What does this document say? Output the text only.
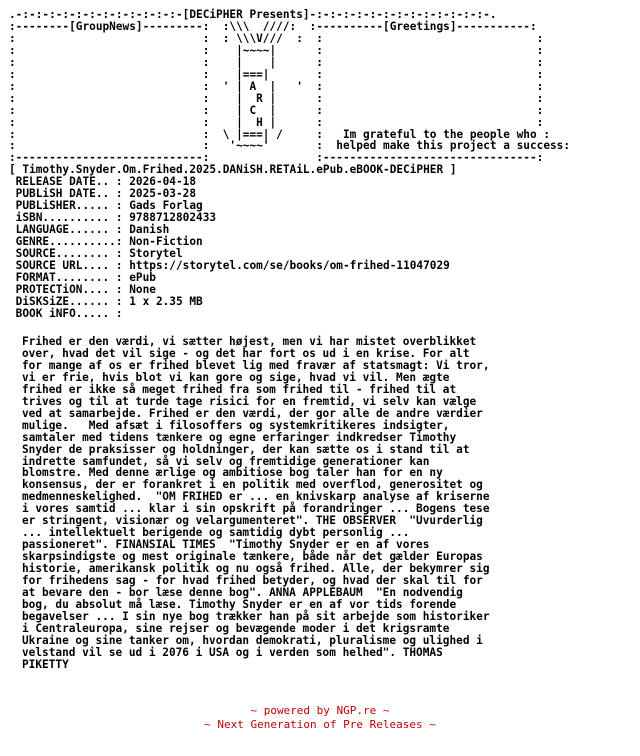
.-:-:-:-:-:-:-:-:-:-:-:-:-[DECiPHER Presents]-:-:-:-:-:-:-:-:-:-:-:-:-:-.
:--------[GroupNews]---------:  :\\\  ////:  :----------[Greetings]-----------:
:                            :  : \\\V///  :  :                                :
:                            :    |~~~~|      :                                :
:                            :    |    |      :                                :
:                            :    |===|       :                                :
:                            :  ' | A  |   '  :                                :
:                            :    |  R |      :                                :
:                            :    | C  |      :                                :
:                            :    |  H |      :                                :
:                            :  \ |===| /     :   Im grateful to the people who :
:                            :   '~~~~'       :  helped make this project a success:
:----------------------------:                :--------------------------------:
[ Timothy.Snyder.Om.Frihed.2025.DANiSH.RETAiL.ePub.eBOOK-DECiPHER ]
RELEASE DATE.. : 2026-04-18
PUBLiSH DATE.. : 2025-03-28
PUBLiSHER..... : Gads Forlag
iSBN.......... : 9788712802433
LANGUAGE...... : Danish
GENRE..........: Non-Fiction
SOURCE........ : Storytel
SOURCE URL.... : https://storytel.com/se/books/om-frihed-11047029
FORMAT........ : ePub
PROTECTiON.... : None
DiSKSiZE...... : 1 x 2.35 MB
BOOK iNFO..... :
Frihed er den værdi, vi sætter højest, men vi har mistet overblikket
over, hvad det vil sige - og det har fort os ud i en krise. For alt
for mange af os er frihed blevet lig med fravær af statsmagt: Vi tror,
vi er frie, hvis blot vi kan gore og sige, hvad vi vil. Men ægte
frihed er ikke så meget frihed fra som frihed til - frihed til at
trives og til at turde tage risici for en fremtid, vi selv kan vælge
ved at samarbejde. Frihed er den værdi, der gor alle de andre værdier
mulige.   Med afsæt i filosoffers og systemkritikeres indsigter,
samtaler med tidens tænkere og egne erfaringer indkredser Timothy
Snyder de praksisser og holdninger, der kan sætte os i stand til at
indrette samfundet, så vi selv og fremtidige generationer kan
blomstre. Med denne ærlige og ambitiose bog taler han for en ny
konsensus, der er forankret i en politik med overflod, generositet og
medmenneskelighed.  "OM FRIHED er ... en knivskarp analyse af kriserne
i vores samtid ... klar i sin opskrift på forandringer ... Bogens tese
er stringent, visionær og velargumenteret". THE OBSERVER  "Uvurderlig
... intellektuelt berigende og samtidig dybt personlig ...
passioneret". FINANSIAL TIMES  "Timothy Snyder er en af vores
skarpsindigste og mest originale tænkere, både når det gælder Europas
historie, amerikansk politik og nu også frihed. Alle, der bekymrer sig
for frihedens sag - for hvad frihed betyder, og hvad der skal til for
at bevare den - bor læse denne bog". ANNA APPLEBAUM  "En nodvendig
bog, du absolut må læse. Timothy Snyder er en af vor tids forende
begavelser ... I sin nye bog trækker han på sit arbejde som historiker
i Centraleuropa, sine rejser og bevægende moder i det krigsramte
Ukraine og sine tanker om, hvordan demokrati, pluralisme og ulighed i
velstand vil se ud i 2076 i USA og i verden som helhed". THOMAS
PIKETTY
~ powered by NGP.re ~
~ Next Generation of Pre Releases ~
